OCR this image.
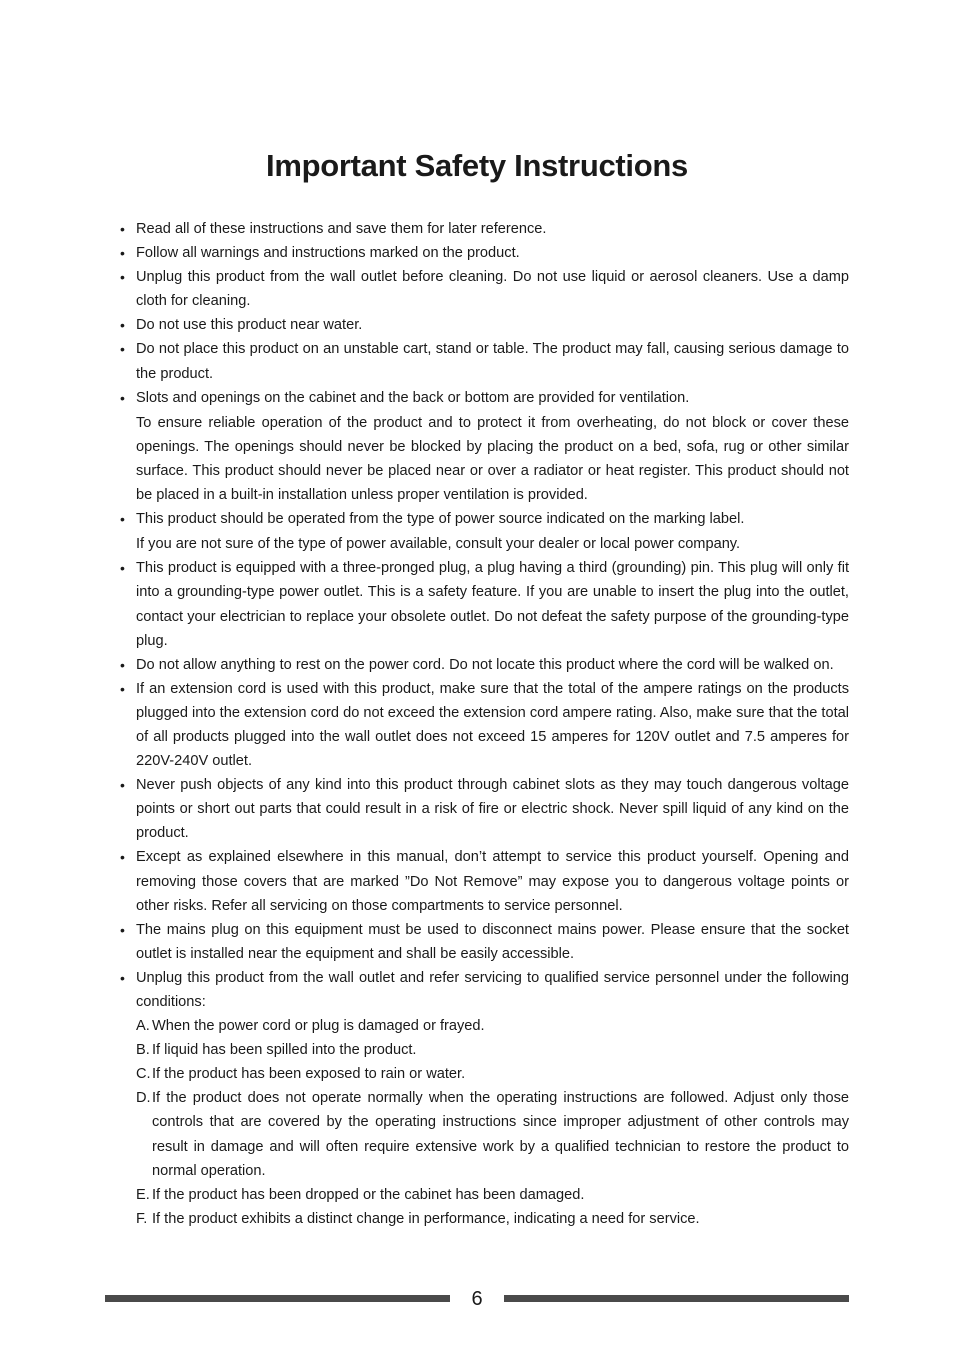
Important Safety Instructions
• Read all of these instructions and save them for later reference.
• Follow all warnings and instructions marked on the product.
• Unplug this product from the wall outlet before cleaning. Do not use liquid or aerosol cleaners. Use a damp cloth for cleaning.
• Do not use this product near water.
• Do not place this product on an unstable cart, stand or table. The product may fall, causing serious damage to the product.
• Slots and openings on the cabinet and the back or bottom are provided for ventilation.
To ensure reliable operation of the product and to protect it from overheating, do not block or cover these openings. The openings should never be blocked by placing the product on a bed, sofa, rug or other similar surface. This product should never be placed near or over a radiator or heat register. This product should not be placed in a built-in installation unless proper ventilation is provided.
• This product should be operated from the type of power source indicated on the marking label.
If you are not sure of the type of power available, consult your dealer or local power company.
• This product is equipped with a three-pronged plug, a plug having a third (grounding) pin. This plug will only fit into a grounding-type power outlet. This is a safety feature. If you are unable to insert the plug into the outlet, contact your electrician to replace your obsolete outlet. Do not defeat the safety purpose of the grounding-type plug.
• Do not allow anything to rest on the power cord. Do not locate this product where the cord will be walked on.
• If an extension cord is used with this product, make sure that the total of the ampere ratings on the products plugged into the extension cord do not exceed the extension cord ampere rating. Also, make sure that the total of all products plugged into the wall outlet does not exceed 15 amperes for 120V outlet and 7.5 amperes for 220V-240V outlet.
• Never push objects of any kind into this product through cabinet slots as they may touch dangerous voltage points or short out parts that could result in a risk of fire or electric shock. Never spill liquid of any kind on the product.
• Except as explained elsewhere in this manual, don’t attempt to service this product yourself. Opening and removing those covers that are marked ”Do Not Remove” may expose you to dangerous voltage points or other risks. Refer all servicing on those compartments to service personnel.
• The mains plug on this equipment must be used to disconnect mains power. Please ensure that the socket outlet is installed near the equipment and shall be easily accessible.
• Unplug this product from the wall outlet and refer servicing to qualified service personnel under the following conditions:
A. When the power cord or plug is damaged or frayed.
B. If liquid has been spilled into the product.
C. If the product has been exposed to rain or water.
D. If the product does not operate normally when the operating instructions are followed. Adjust only those controls that are covered by the operating instructions since improper adjustment of other controls may result in damage and will often require extensive work by a qualified technician to restore the product to normal operation.
E. If the product has been dropped or the cabinet has been damaged.
F. If the product exhibits a distinct change in performance, indicating a need for service.
6
